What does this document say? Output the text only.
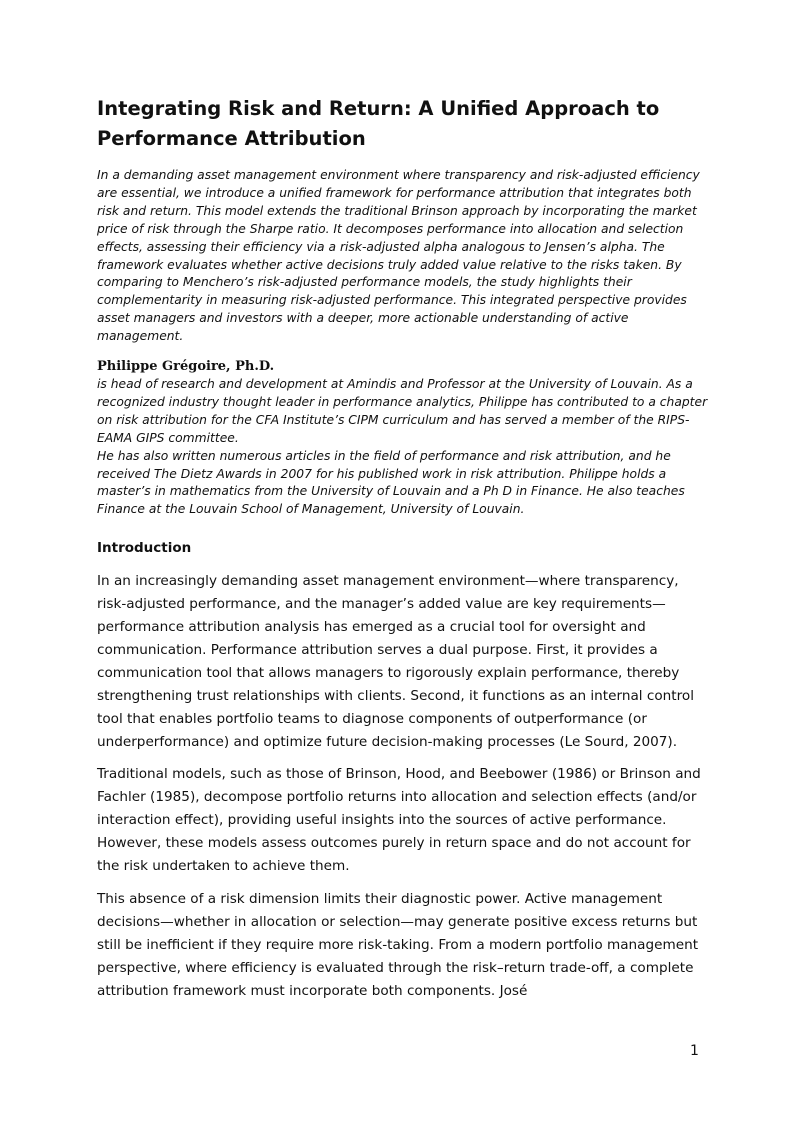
Integrating Risk and Return: A Unified Approach to Performance Attribution

In a demanding asset management environment where transparency and risk-adjusted efficiency are essential, we introduce a unified framework for performance attribution that integrates both risk and return. This model extends the traditional Brinson approach by incorporating the market price of risk through the Sharpe ratio. It decomposes performance into allocation and selection effects, assessing their efficiency via a risk-adjusted alpha analogous to Jensen’s alpha. The framework evaluates whether active decisions truly added value relative to the risks taken. By comparing to Menchero’s risk-adjusted performance models, the study highlights their complementarity in measuring risk-adjusted performance. This integrated perspective provides asset managers and investors with a deeper, more actionable understanding of active management.

Philippe Grégoire, Ph.D.

is head of research and development at Amindis and Professor at the University of Louvain. As a recognized industry thought leader in performance analytics, Philippe has contributed to a chapter on risk attribution for the CFA Institute’s CIPM curriculum and has served a member of the RIPS-EAMA GIPS committee.

He has also written numerous articles in the field of performance and risk attribution, and he received The Dietz Awards in 2007 for his published work in risk attribution. Philippe holds a master’s in mathematics from the University of Louvain and a Ph D in Finance. He also teaches Finance at the Louvain School of Management, University of Louvain.

Introduction

In an increasingly demanding asset management environment—where transparency, risk-adjusted performance, and the manager’s added value are key requirements—performance attribution analysis has emerged as a crucial tool for oversight and communication. Performance attribution serves a dual purpose. First, it provides a communication tool that allows managers to rigorously explain performance, thereby strengthening trust relationships with clients. Second, it functions as an internal control tool that enables portfolio teams to diagnose components of outperformance (or underperformance) and optimize future decision-making processes (Le Sourd, 2007).

Traditional models, such as those of Brinson, Hood, and Beebower (1986) or Brinson and Fachler (1985), decompose portfolio returns into allocation and selection effects (and/or interaction effect), providing useful insights into the sources of active performance. However, these models assess outcomes purely in return space and do not account for the risk undertaken to achieve them.

This absence of a risk dimension limits their diagnostic power. Active management decisions—whether in allocation or selection—may generate positive excess returns but still be inefficient if they require more risk-taking. From a modern portfolio management perspective, where efficiency is evaluated through the risk–return trade-off, a complete attribution framework must incorporate both components. José

1
